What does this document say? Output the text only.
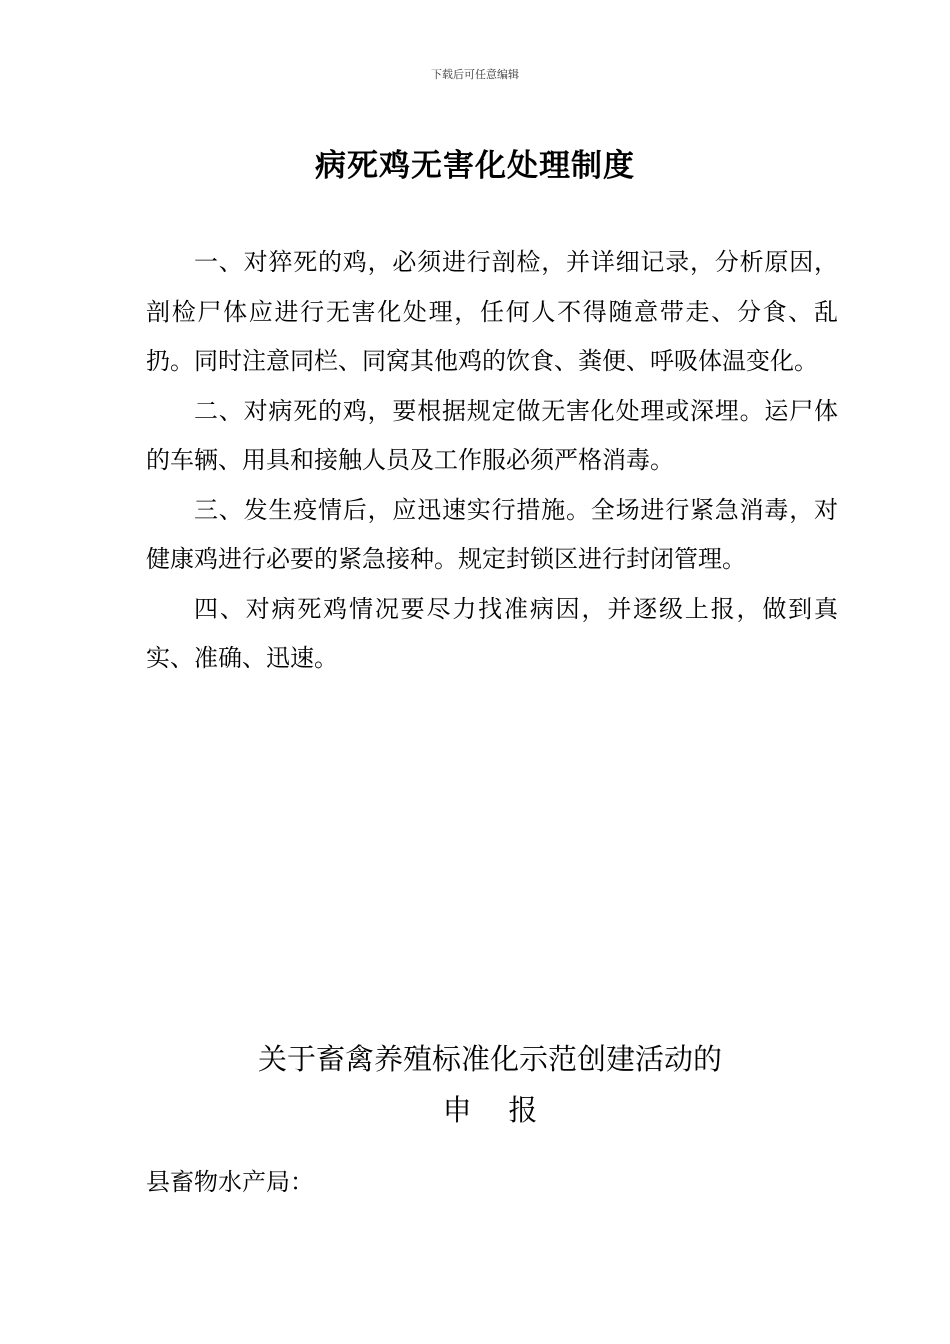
下载后可任意编辑
病死鸡无害化处理制度

一、对猝死的鸡，必须进行剖检，并详细记录，分析原因，剖检尸体应进行无害化处理，任何人不得随意带走、分食、乱扔。同时注意同栏、同窝其他鸡的饮食、粪便、呼吸体温变化。

二、对病死的鸡，要根据规定做无害化处理或深埋。运尸体的车辆、用具和接触人员及工作服必须严格消毒。

三、发生疫情后，应迅速实行措施。全场进行紧急消毒，对健康鸡进行必要的紧急接种。规定封锁区进行封闭管理。

四、对病死鸡情况要尽力找准病因，并逐级上报，做到真实、准确、迅速。

关于畜禽养殖标准化示范创建活动的
申    报
县畜物水产局：
